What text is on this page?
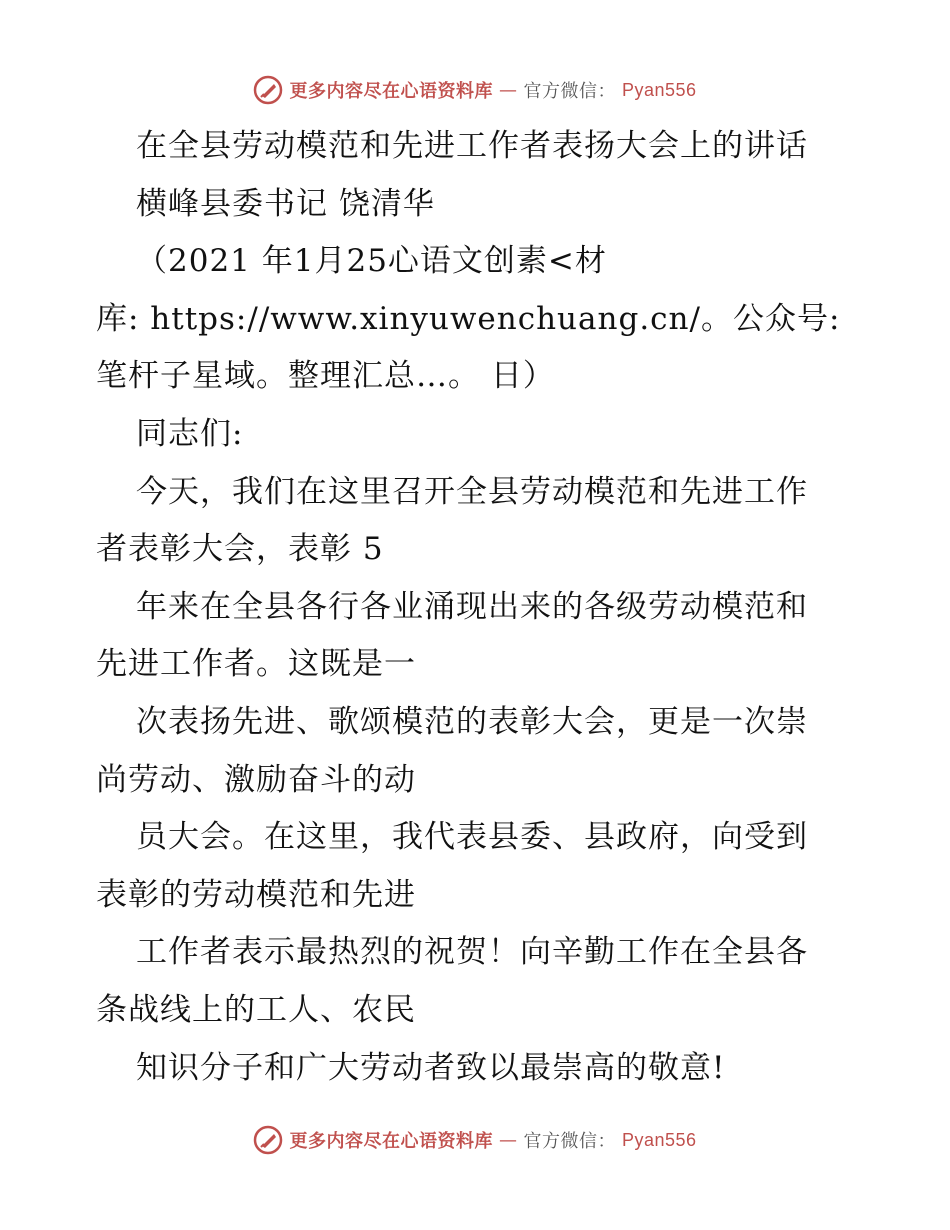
更多内容尽在心语资料库 — 官方微信： Pyan556
在全县劳动模范和先进工作者表扬大会上的讲话
横峰县委书记 饶清华
（2021 年1月25心语文创素<材
库: https://www.xinyuwenchuang.cn/。公众号:
笔杆子星域。整理汇总…。 日）
同志们:
今天，我们在这里召开全县劳动模范和先进工作
者表彰大会，表彰 5
年来在全县各行各业涌现出来的各级劳动模范和
先进工作者。这既是一
次表扬先进、歌颂模范的表彰大会，更是一次崇
尚劳动、激励奋斗的动
员大会。在这里，我代表县委、县政府，向受到
表彰的劳动模范和先进
工作者表示最热烈的祝贺！向辛勤工作在全县各
条战线上的工人、农民
知识分子和广大劳动者致以最崇高的敬意!
更多内容尽在心语资料库 — 官方微信： Pyan556
